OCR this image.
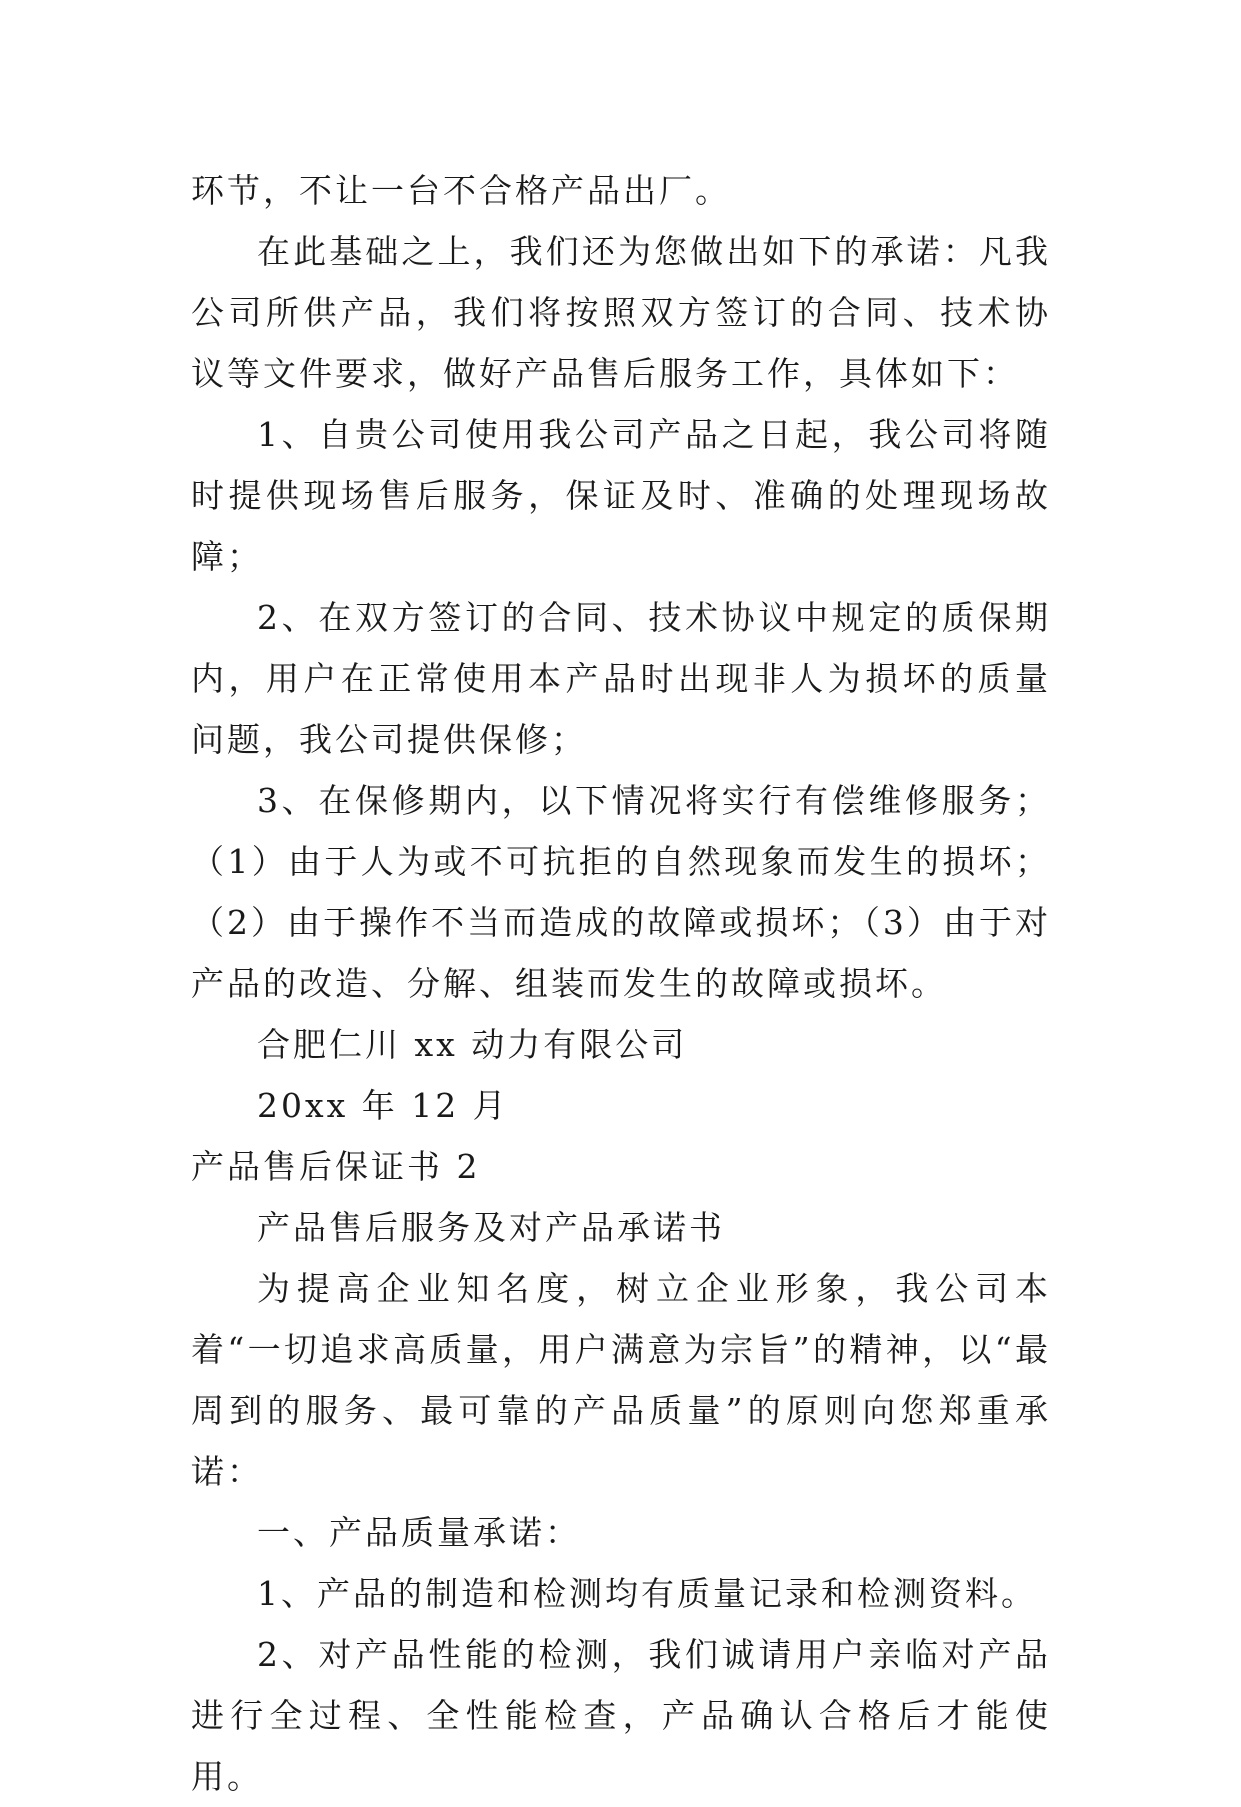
环节，不让一台不合格产品出厂。

在此基础之上，我们还为您做出如下的承诺：凡我公司所供产品，我们将按照双方签订的合同、技术协议等文件要求，做好产品售后服务工作，具体如下：

1、自贵公司使用我公司产品之日起，我公司将随时提供现场售后服务，保证及时、准确的处理现场故障；

2、在双方签订的合同、技术协议中规定的质保期内，用户在正常使用本产品时出现非人为损坏的质量问题，我公司提供保修；

3、在保修期内，以下情况将实行有偿维修服务；（1）由于人为或不可抗拒的自然现象而发生的损坏；（2）由于操作不当而造成的故障或损坏；（3）由于对产品的改造、分解、组装而发生的故障或损坏。

合肥仁川 xx 动力有限公司

20xx 年 12 月

产品售后保证书 2

产品售后服务及对产品承诺书

为提高企业知名度，树立企业形象，我公司本着“一切追求高质量，用户满意为宗旨”的精神，以“最周到的服务、最可靠的产品质量”的原则向您郑重承诺：

一、产品质量承诺：

1、产品的制造和检测均有质量记录和检测资料。

2、对产品性能的检测，我们诚请用户亲临对产品进行全过程、全性能检查，产品确认合格后才能使用。
